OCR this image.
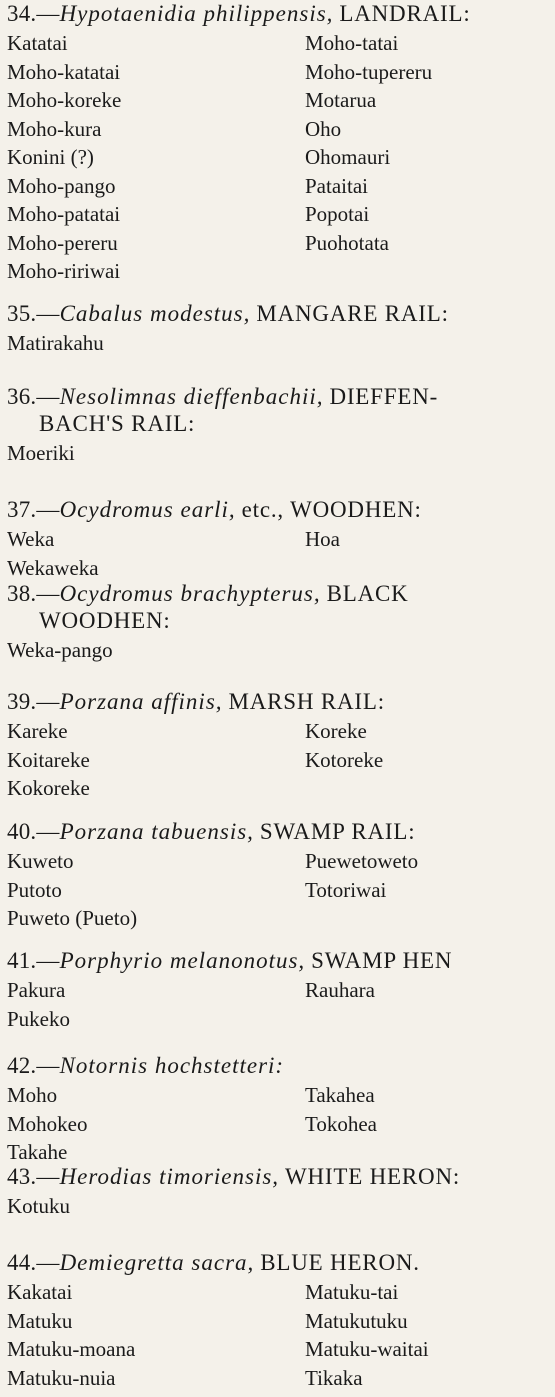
34.—Hypotaenidia philippensis, LANDRAIL:
Katatai
Moho-katatai
Moho-koreke
Moho-kura
Konini (?)
Moho-pango
Moho-patatai
Moho-pereru
Moho-ririwai
Moho-tatai
Moho-tupereru
Motarua
Oho
Ohomauri
Pataitai
Popotai
Puohotata
35.—Cabalus modestus, MANGARE RAIL:
Matirakahu
36.—Nesolimnas dieffenbachii, DIEFFEN-
BACH'S RAIL:
Moeriki
37.—Ocydromus earli, etc., WOODHEN:
Weka
Wekaweka
Hoa
38.—Ocydromus brachypterus, BLACK
WOODHEN:
Weka-pango
39.—Porzana affinis, MARSH RAIL:
Kareke
Koitareke
Kokoreke
Koreke
Kotoreke
40.—Porzana tabuensis, SWAMP RAIL:
Kuweto
Putoto
Puweto (Pueto)
Puewetoweto
Totoriwai
41.—Porphyrio melanonotus, SWAMP HEN
Pakura
Pukeko
Rauhara
42.—Notornis hochstetteri:
Moho
Mohokeo
Takahe
Takahea
Tokohea
43.—Herodias timoriensis, WHITE HERON:
Kotuku
44.—Demiegretta sacra, BLUE HERON.
Kakatai
Matuku
Matuku-moana
Matuku-nuia
Matuku-tai
Matukutuku
Matuku-waitai
Tikaka
